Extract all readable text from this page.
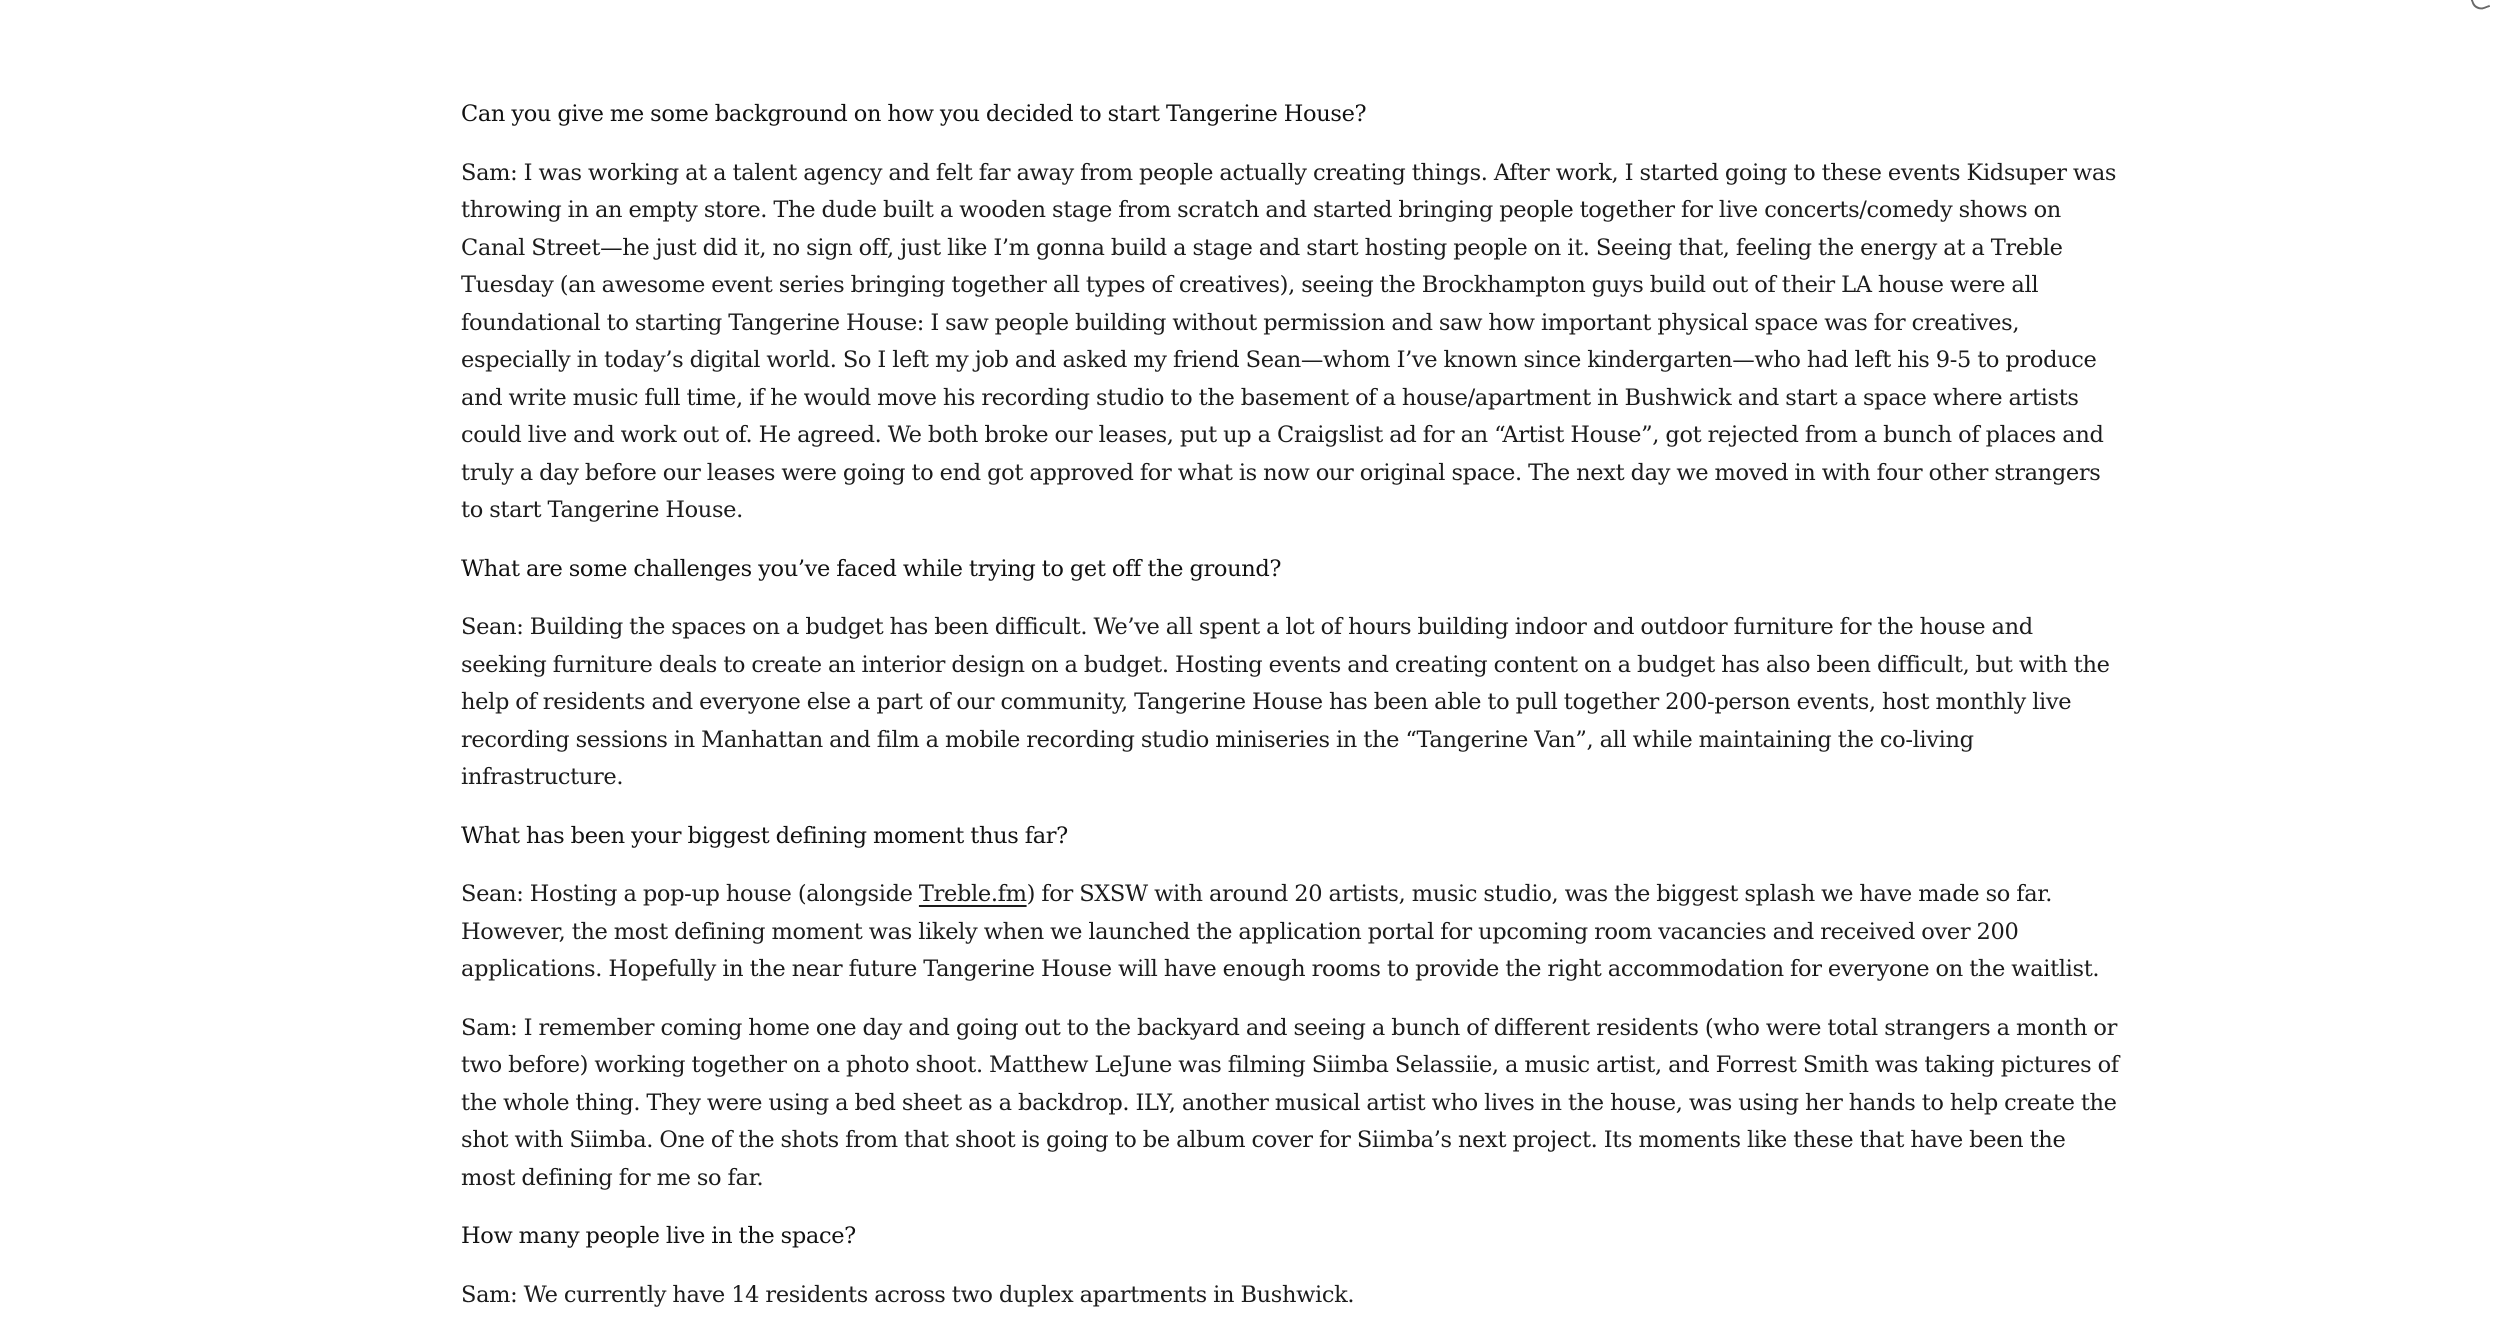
Can you give me some background on how you decided to start Tangerine House?

Sam: I was working at a talent agency and felt far away from people actually creating things. After work, I started going to these events Kidsuper was throwing in an empty store. The dude built a wooden stage from scratch and started bringing people together for live concerts/comedy shows on Canal Street—he just did it, no sign off, just like I’m gonna build a stage and start hosting people on it. Seeing that, feeling the energy at a Treble Tuesday (an awesome event series bringing together all types of creatives), seeing the Brockhampton guys build out of their LA house were all foundational to starting Tangerine House: I saw people building without permission and saw how important physical space was for creatives, especially in today’s digital world. So I left my job and asked my friend Sean—whom I’ve known since kindergarten—who had left his 9-5 to produce and write music full time, if he would move his recording studio to the basement of a house/apartment in Bushwick and start a space where artists could live and work out of. He agreed. We both broke our leases, put up a Craigslist ad for an “Artist House”, got rejected from a bunch of places and truly a day before our leases were going to end got approved for what is now our original space. The next day we moved in with four other strangers to start Tangerine House.

What are some challenges you’ve faced while trying to get off the ground?

Sean: Building the spaces on a budget has been difficult. We’ve all spent a lot of hours building indoor and outdoor furniture for the house and seeking furniture deals to create an interior design on a budget. Hosting events and creating content on a budget has also been difficult, but with the help of residents and everyone else a part of our community, Tangerine House has been able to pull together 200-person events, host monthly live recording sessions in Manhattan and film a mobile recording studio miniseries in the “Tangerine Van”, all while maintaining the co-living infrastructure.

What has been your biggest defining moment thus far?

Sean: Hosting a pop-up house (alongside Treble.fm) for SXSW with around 20 artists, music studio, was the biggest splash we have made so far. However, the most defining moment was likely when we launched the application portal for upcoming room vacancies and received over 200 applications. Hopefully in the near future Tangerine House will have enough rooms to provide the right accommodation for everyone on the waitlist.

Sam: I remember coming home one day and going out to the backyard and seeing a bunch of different residents (who were total strangers a month or two before) working together on a photo shoot. Matthew LeJune was filming Siimba Selassiie, a music artist, and Forrest Smith was taking pictures of the whole thing. They were using a bed sheet as a backdrop. ILY, another musical artist who lives in the house, was using her hands to help create the shot with Siimba. One of the shots from that shoot is going to be album cover for Siimba’s next project. Its moments like these that have been the most defining for me so far.

How many people live in the space?

Sam: We currently have 14 residents across two duplex apartments in Bushwick.
